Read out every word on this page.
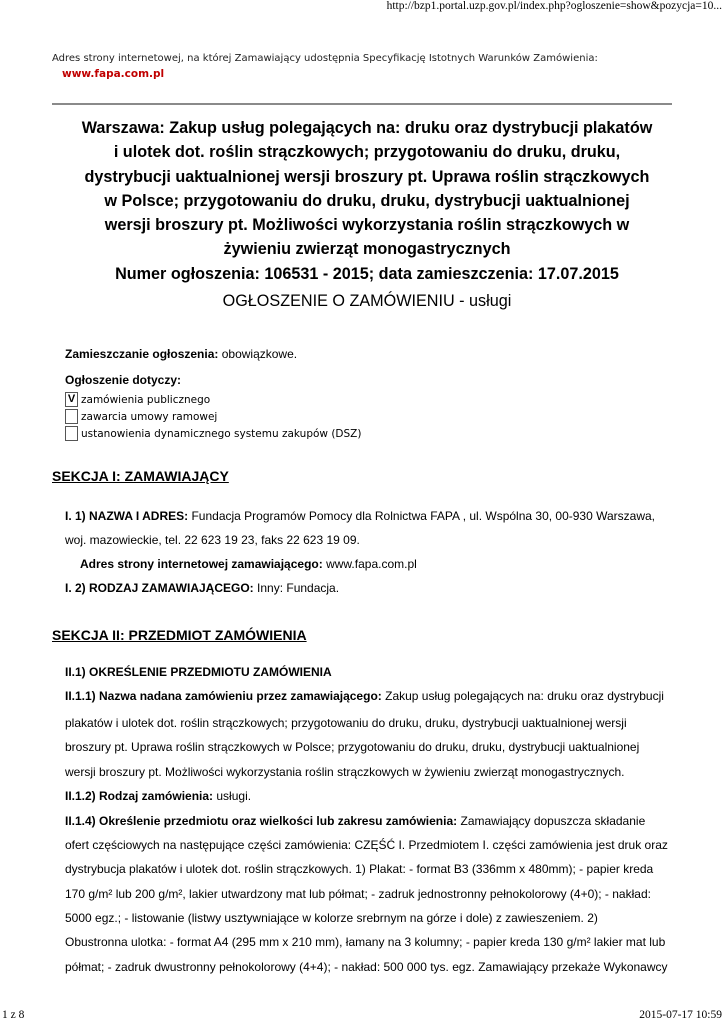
http://bzp1.portal.uzp.gov.pl/index.php?ogloszenie=show&pozycja=10...
Adres strony internetowej, na której Zamawiający udostępnia Specyfikację Istotnych Warunków Zamówienia:
www.fapa.com.pl
Warszawa: Zakup usług polegających na: druku oraz dystrybucji plakatów
i ulotek dot. roślin strączkowych; przygotowaniu do druku, druku,
dystrybucji uaktualnionej wersji broszury pt. Uprawa roślin strączkowych
w Polsce; przygotowaniu do druku, druku, dystrybucji uaktualnionej
wersji broszury pt. Możliwości wykorzystania roślin strączkowych w
żywieniu zwierząt monogastrycznych
Numer ogłoszenia: 106531 - 2015; data zamieszczenia: 17.07.2015
OGŁOSZENIE O ZAMÓWIENIU - usługi
Zamieszczanie ogłoszenia: obowiązkowe.
Ogłoszenie dotyczy:
V zamówienia publicznego
zawarcia umowy ramowej
ustanowienia dynamicznego systemu zakupów (DSZ)
SEKCJA I: ZAMAWIAJĄCY
I. 1) NAZWA I ADRES: Fundacja Programów Pomocy dla Rolnictwa FAPA , ul. Wspólna 30, 00-930 Warszawa,
woj. mazowieckie, tel. 22 623 19 23, faks 22 623 19 09.
Adres strony internetowej zamawiającego: www.fapa.com.pl
I. 2) RODZAJ ZAMAWIAJĄCEGO: Inny: Fundacja.
SEKCJA II: PRZEDMIOT ZAMÓWIENIA
II.1) OKREŚLENIE PRZEDMIOTU ZAMÓWIENIA
II.1.1) Nazwa nadana zamówieniu przez zamawiającego: Zakup usług polegających na: druku oraz dystrybucji
plakatów i ulotek dot. roślin strączkowych; przygotowaniu do druku, druku, dystrybucji uaktualnionej wersji
broszury pt. Uprawa roślin strączkowych w Polsce; przygotowaniu do druku, druku, dystrybucji uaktualnionej
wersji broszury pt. Możliwości wykorzystania roślin strączkowych w żywieniu zwierząt monogastrycznych.
II.1.2) Rodzaj zamówienia: usługi.
II.1.4) Określenie przedmiotu oraz wielkości lub zakresu zamówienia: Zamawiający dopuszcza składanie
ofert częściowych na następujące części zamówienia: CZĘŚĆ I. Przedmiotem I. części zamówienia jest druk oraz
dystrybucja plakatów i ulotek dot. roślin strączkowych. 1) Plakat: - format B3 (336mm x 480mm); - papier kreda
170 g/m² lub 200 g/m², lakier utwardzony mat lub półmat; - zadruk jednostronny pełnokolorowy (4+0); - nakład:
5000 egz.; - listowanie (listwy usztywniające w kolorze srebrnym na górze i dole) z zawieszeniem. 2)
Obustronna ulotka: - format A4 (295 mm x 210 mm), łamany na 3 kolumny; - papier kreda 130 g/m² lakier mat lub
półmat; - zadruk dwustronny pełnokolorowy (4+4); - nakład: 500 000 tys. egz. Zamawiający przekaże Wykonawcy
1 z 8	2015-07-17 10:59
